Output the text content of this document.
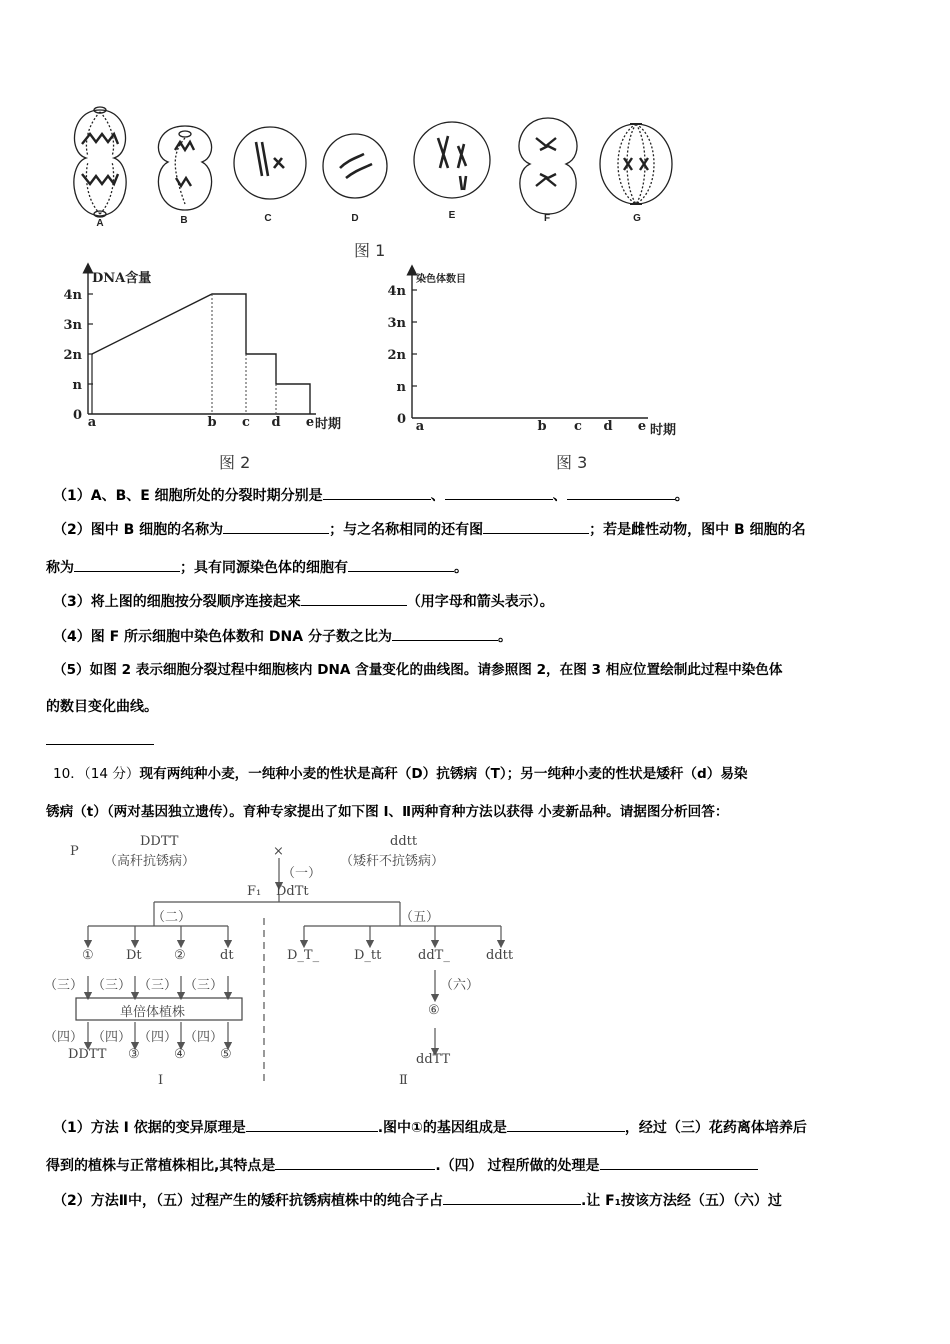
A	B	C	D	E	F	G
图 1
DNA含量
时期
4n
3n
2n
n
0 a	b c d e
图 2
染色体数目
时期
4n
3n
2n
n
0 a	b c d e
图 3
（1）A、B、E 细胞所处的分裂时期分别是	、	、	。
（2）图中 B 细胞的名称为	；与之名称相同的还有图	；若是雌性动物，图中 B 细胞的名
称为	；具有同源染色体的细胞有	。
（3）将上图的细胞按分裂顺序连接起来	（用字母和箭头表示）。
（4）图 F 所示细胞中染色体数和 DNA 分子数之比为	。
（5）如图 2 表示细胞分裂过程中细胞核内 DNA 含量变化的曲线图。请参照图 2，在图 3 相应位置绘制此过程中染色体
的数目变化曲线。
10．（14 分）现有两纯种小麦，一纯种小麦的性状是高秆（D）抗锈病（T）；另一纯种小麦的性状是矮秆（d）易染
锈病（t）（两对基因独立遗传）。育种专家提出了如下图 I、Ⅱ两种育种方法以获得 小麦新品种。请据图分析回答：
P
DDTT
（高秆抗锈病）
×
ddtt
（矮秆不抗锈病）
（一）
F₁ DdTt
（二）	（五）
① Dt ②	dt
（三） （三） （三） （三）
单倍体植株
（四） （四） （四） （四）
DDTT ③	④	⑤
I
D_T_	D_tt	ddT_	ddtt
（六）
⑥
ddTT
Ⅱ
（1）方法 I 依据的变异原理是	.图中①的基因组成是	，经过（三）花药离体培养后
得到的植株与正常植株相比,其特点是	.（四） 过程所做的处理是
（2）方法Ⅱ中，（五）过程产生的矮秆抗锈病植株中的纯合子占	.让 F₁按该方法经（五）（六）过
